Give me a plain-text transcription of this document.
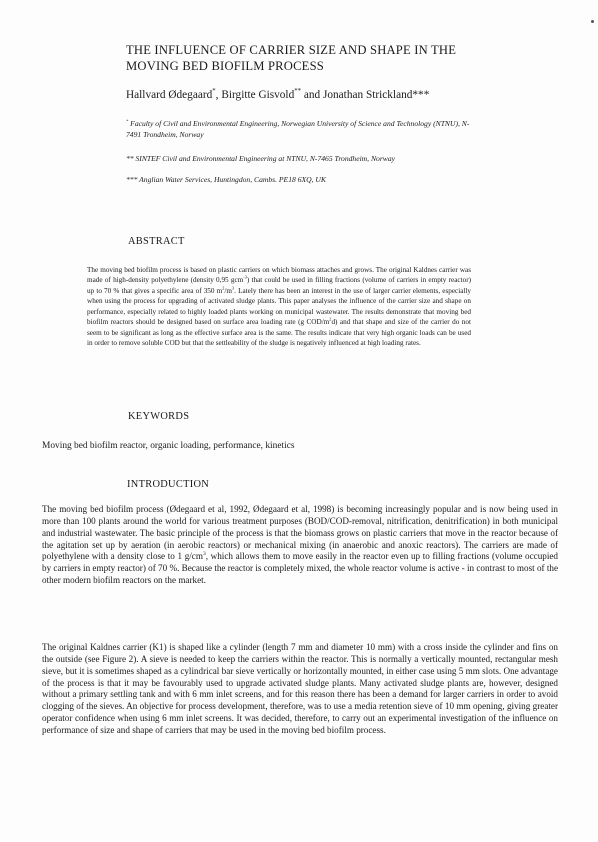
THE INFLUENCE OF CARRIER SIZE AND SHAPE IN THE
MOVING BED BIOFILM PROCESS
Hallvard Ødegaard*, Birgitte Gisvold** and Jonathan Strickland***
* Faculty of Civil and Environmental Engineering, Norwegian University of Science and Technology (NTNU), N-7491 Trondheim, Norway
** SINTEF Civil and Environmental Engineering at NTNU, N-7465 Trondheim, Norway
*** Anglian Water Services, Huntingdon, Cambs. PE18 6XQ, UK
ABSTRACT
The moving bed biofilm process is based on plastic carriers on which biomass attaches and grows. The original Kaldnes carrier was made of high-density polyethylene (density 0,95 gcm$^{-3}$) that could be used in filling fractions (volume of carriers in empty reactor) up to 70 % that gives a specific area of 350 $m^2/m^3$. Lately there has been an interest in the use of larger carrier elements, especially when using the process for upgrading of activated sludge plants. This paper analyses the influence of the carrier size and shape on performance, especially related to highly loaded plants working on municipal wastewater. The results demonstrate that moving bed biofilm reactors should be designed based on surface area loading rate (g COD/$m^2d$) and that shape and size of the carrier do not seem to be significant as long as the effective surface area is the same. The results indicate that very high organic loads can be used in order to remove soluble COD but that the settleability of the sludge is negatively influenced at high loading rates.
KEYWORDS
Moving bed biofilm reactor, organic loading, performance, kinetics
INTRODUCTION
The moving bed biofilm process (Ødegaard et al, 1992, Ødegaard et al, 1998) is becoming increasingly popular and is now being used in more than 100 plants around the world for various treatment purposes (BOD/COD-removal, nitrification, denitrification) in both municipal and industrial wastewater. The basic principle of the process is that the biomass grows on plastic carriers that move in the reactor because of the agitation set up by aeration (in aerobic reactors) or mechanical mixing (in anaerobic and anoxic reactors). The carriers are made of polyethylene with a density close to 1 $g/cm^3$, which allows them to move easily in the reactor even up to filling fractions (volume occupied by carriers in empty reactor) of 70 %. Because the reactor is completely mixed, the whole reactor volume is active - in contrast to most of the other modern biofilm reactors on the market.
The original Kaldnes carrier (K1) is shaped like a cylinder (length 7 mm and diameter 10 mm) with a cross inside the cylinder and fins on the outside (see Figure 2). A sieve is needed to keep the carriers within the reactor. This is normally a vertically mounted, rectangular mesh sieve, but it is sometimes shaped as a cylindrical bar sieve vertically or horizontally mounted, in either case using 5 mm slots. One advantage of the process is that it may be favourably used to upgrade activated sludge plants. Many activated sludge plants are, however, designed without a primary settling tank and with 6 mm inlet screens, and for this reason there has been a demand for larger carriers in order to avoid clogging of the sieves. An objective for process development, therefore, was to use a media retention sieve of 10 mm opening, giving greater operator confidence when using 6 mm inlet screens. It was decided, therefore, to carry out an experimental investigation of the influence on performance of size and shape of carriers that may be used in the moving bed biofilm process.
